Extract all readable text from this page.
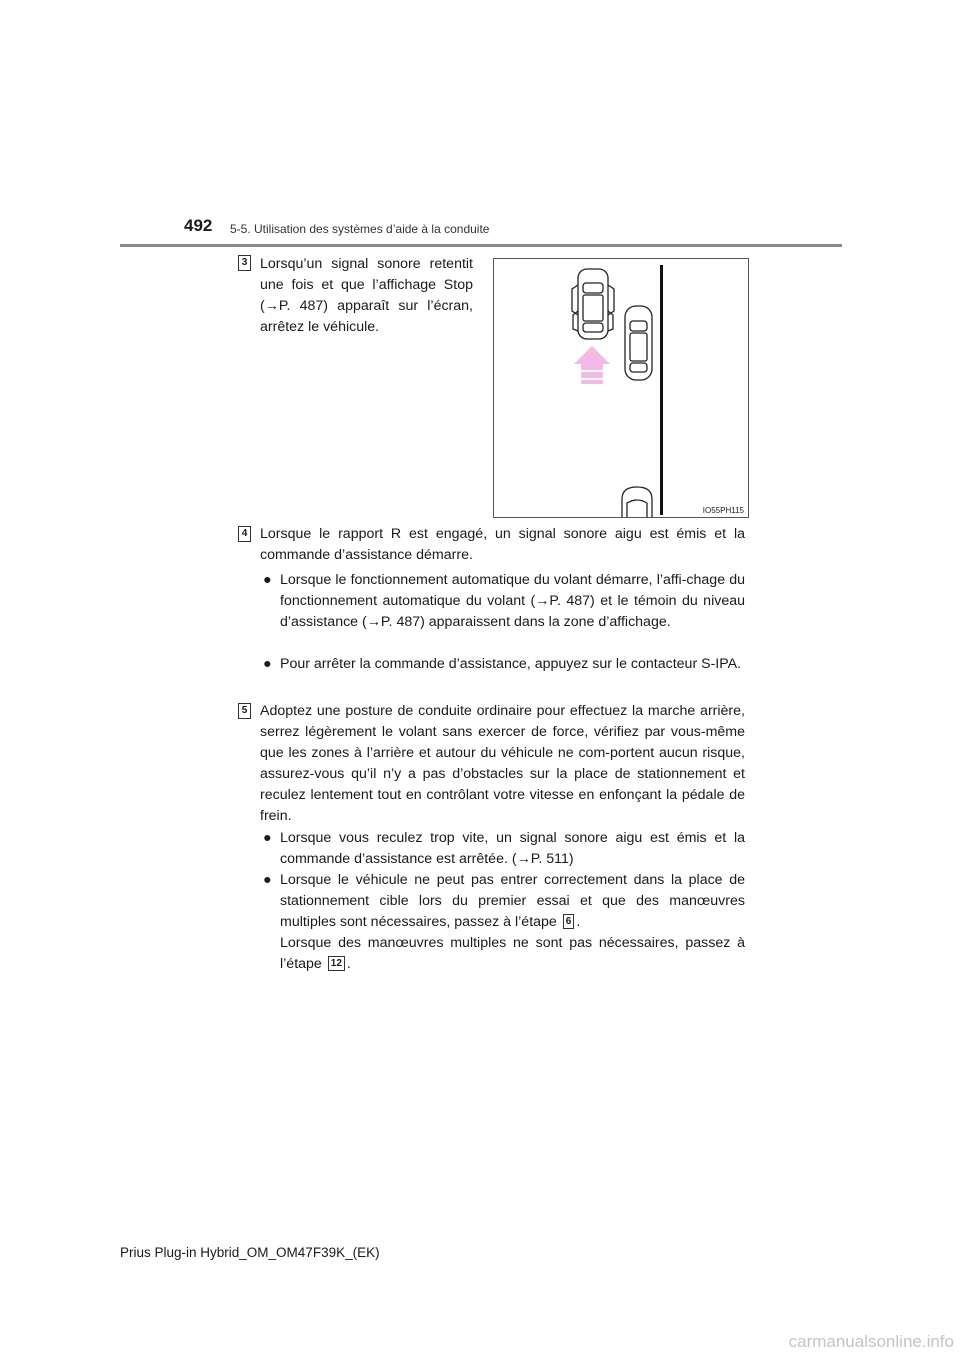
492 5-5. Utilisation des systèmes d’aide à la conduite
3 Lorsqu’un signal sonore retentit une fois et que l’affichage Stop (→P. 487) apparaît sur l’écran, arrêtez le véhicule.
IO55PH115
4 Lorsque le rapport R est engagé, un signal sonore aigu est émis et la commande d’assistance démarre.
● Lorsque le fonctionnement automatique du volant démarre, l’affi-chage du fonctionnement automatique du volant (→P. 487) et le témoin du niveau d’assistance (→P. 487) apparaissent dans la zone d’affichage.
● Pour arrêter la commande d’assistance, appuyez sur le contacteur S-IPA.
5 Adoptez une posture de conduite ordinaire pour effectuez la marche arrière, serrez légèrement le volant sans exercer de force, vérifiez par vous-même que les zones à l’arrière et autour du véhicule ne com-portent aucun risque, assurez-vous qu’il n’y a pas d’obstacles sur la place de stationnement et reculez lentement tout en contrôlant votre vitesse en enfonçant la pédale de frein.
● Lorsque vous reculez trop vite, un signal sonore aigu est émis et la commande d’assistance est arrêtée. (→P. 511)
● Lorsque le véhicule ne peut pas entrer correctement dans la place de stationnement cible lors du premier essai et que des manœuvres multiples sont nécessaires, passez à l’étape 6 .
Lorsque des manœuvres multiples ne sont pas nécessaires, passez à l’étape 12 .
Prius Plug-in Hybrid_OM_OM47F39K_(EK)
carmanualsonline.info
